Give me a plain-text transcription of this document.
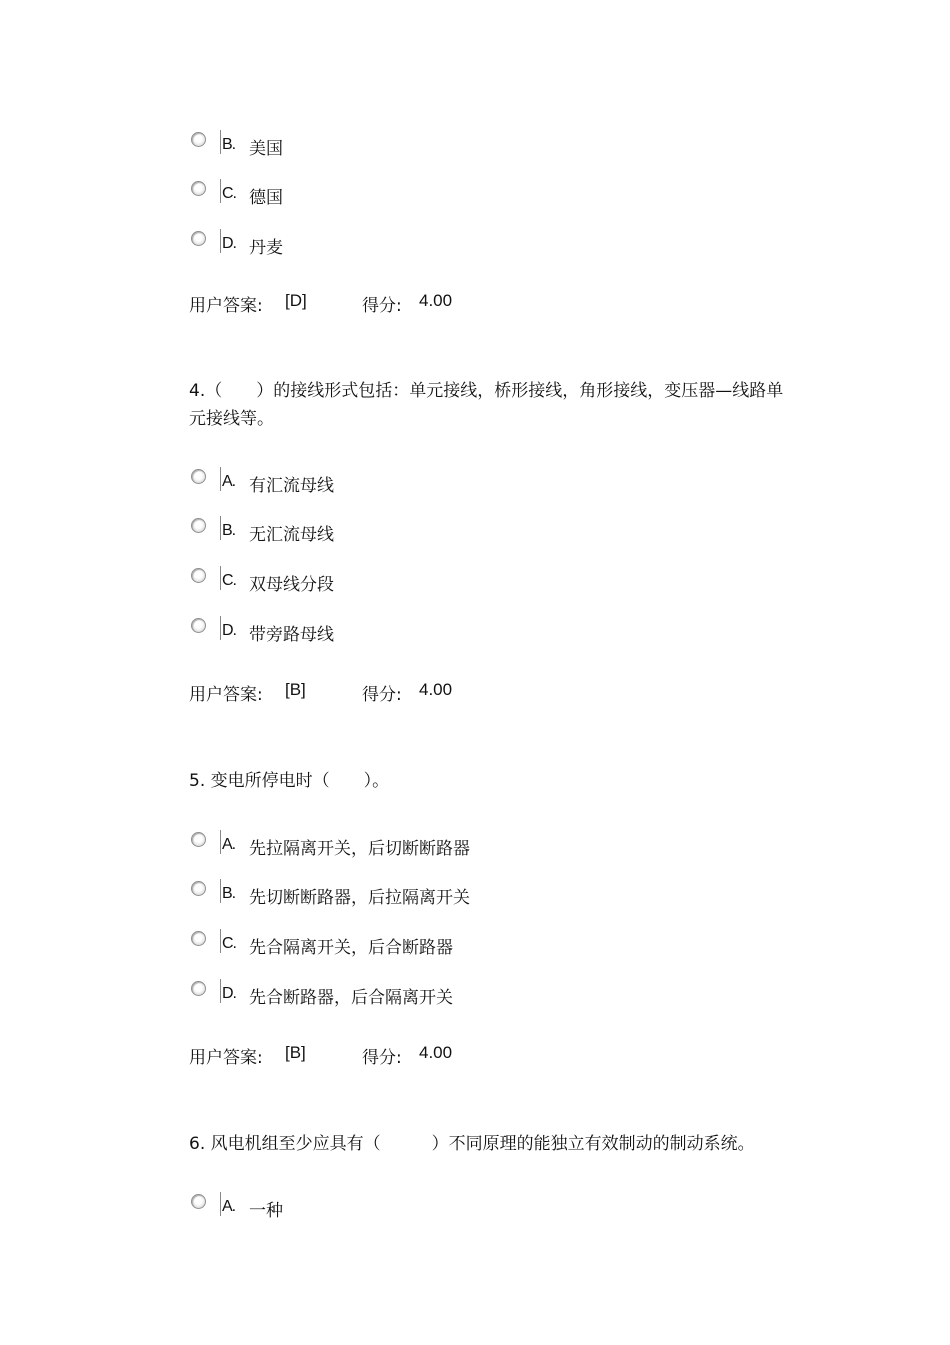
B. 美国
C. 德国
D. 丹麦
用户答案: [D]	得分: 4.00
4.（　　）的接线形式包括：单元接线，桥形接线，角形接线，变压器—线路单元接线等。
A. 有汇流母线
B. 无汇流母线
C. 双母线分段
D. 带旁路母线
用户答案: [B]	得分: 4.00
5. 变电所停电时（　　）。
A. 先拉隔离开关，后切断断路器
B. 先切断断路器，后拉隔离开关
C. 先合隔离开关，后合断路器
D. 先合断路器，后合隔离开关
用户答案: [B]	得分: 4.00
6. 风电机组至少应具有（　　　）不同原理的能独立有效制动的制动系统。
A. 一种
